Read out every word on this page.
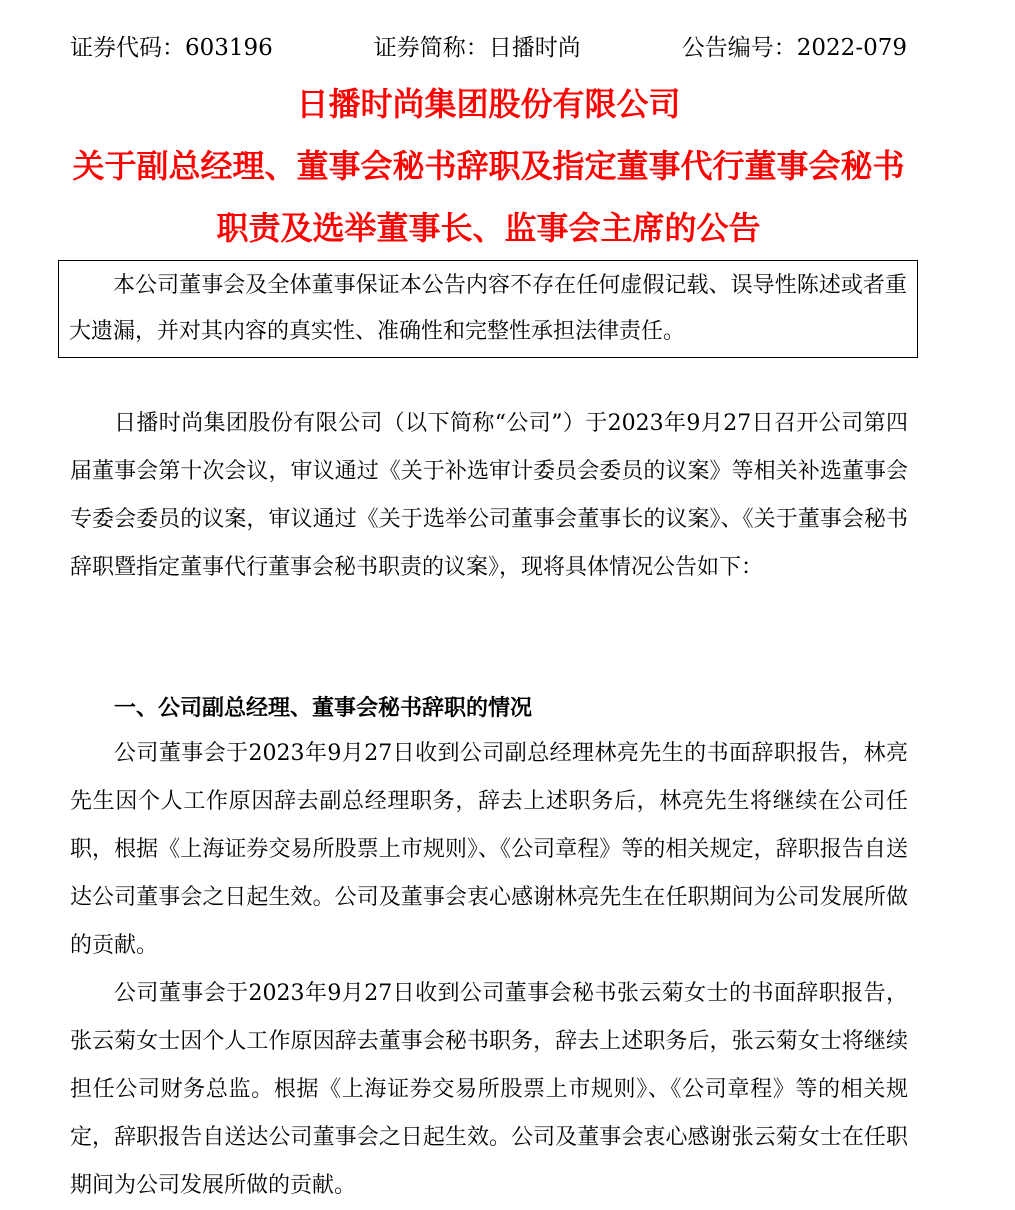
证券代码：603196	证券简称：日播时尚	公告编号：2022-079
日播时尚集团股份有限公司
关于副总经理、董事会秘书辞职及指定董事代行董事会秘书
职责及选举董事长、监事会主席的公告

本公司董事会及全体董事保证本公告内容不存在任何虚假记载、误导性陈述或者重大遗漏，并对其内容的真实性、准确性和完整性承担法律责任。

日播时尚集团股份有限公司（以下简称“公司”）于2023年9月27日召开公司第四届董事会第十次会议，审议通过《关于补选审计委员会委员的议案》等相关补选董事会专委会委员的议案，审议通过《关于选举公司董事会董事长的议案》、《关于董事会秘书辞职暨指定董事代行董事会秘书职责的议案》，现将具体情况公告如下：

一、公司副总经理、董事会秘书辞职的情况

公司董事会于2023年9月27日收到公司副总经理林亮先生的书面辞职报告，林亮先生因个人工作原因辞去副总经理职务，辞去上述职务后，林亮先生将继续在公司任职，根据《上海证券交易所股票上市规则》、《公司章程》等的相关规定，辞职报告自送达公司董事会之日起生效。公司及董事会衷心感谢林亮先生在任职期间为公司发展所做的贡献。

公司董事会于2023年9月27日收到公司董事会秘书张云菊女士的书面辞职报告，张云菊女士因个人工作原因辞去董事会秘书职务，辞去上述职务后，张云菊女士将继续担任公司财务总监。根据《上海证券交易所股票上市规则》、《公司章程》等的相关规定，辞职报告自送达公司董事会之日起生效。公司及董事会衷心感谢张云菊女士在任职期间为公司发展所做的贡献。
